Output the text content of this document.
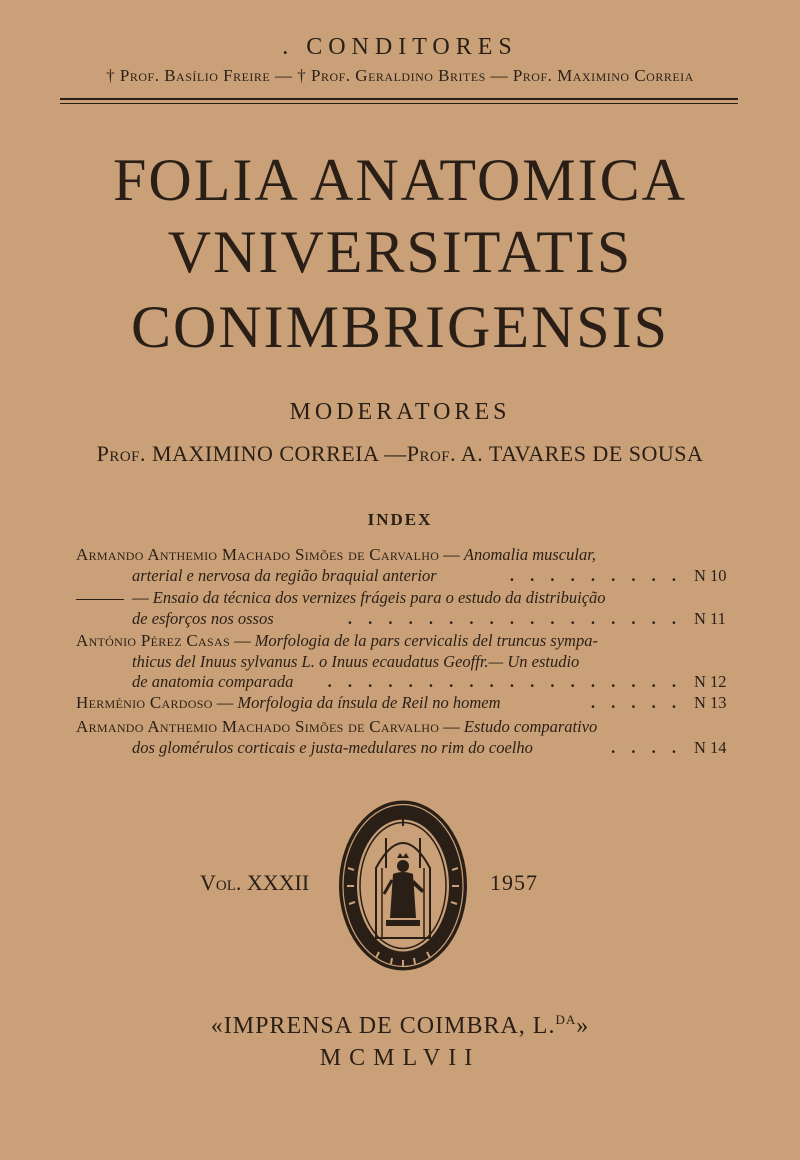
. CONDITORES
† Prof. Basílio Freire — † Prof. Geraldino Brites — Prof. Maximino Correia
FOLIA ANATOMICA
VNIVERSITATIS
CONIMBRIGENSIS
MODERATORES
Prof. MAXIMINO CORREIA —Prof. A. TAVARES DE SOUSA
INDEX
Armando Anthemio Machado Simões de Carvalho — Anomalia muscular,
arterial e nervosa da região braquial anterior	. . . . . . . . . N 10
— Ensaio da técnica dos vernizes frágeis para o estudo da distribuição
de esforços nos ossos	. . . . . . . . . . . . . . . . . N 11
António Pérez Casas — Morfologia de la pars cervicalis del truncus sympa-
thicus del Inuus sylvanus L. o Inuus ecaudatus Geoffr.— Un estudio
de anatomia comparada . . . . . . . . . . . . . . . . . . N 12
Herménio Cardoso — Morfologia da ínsula de Reil no homem	. . . . . N 13
Armando Anthemio Machado Simões de Carvalho — Estudo comparativo
dos glomérulos corticais e justa-medulares no rim do coelho	. . . . N 14
Vol. XXXII	1957
«IMPRENSA DE COIMBRA, L.$^{DA}$»
MCMLVII
